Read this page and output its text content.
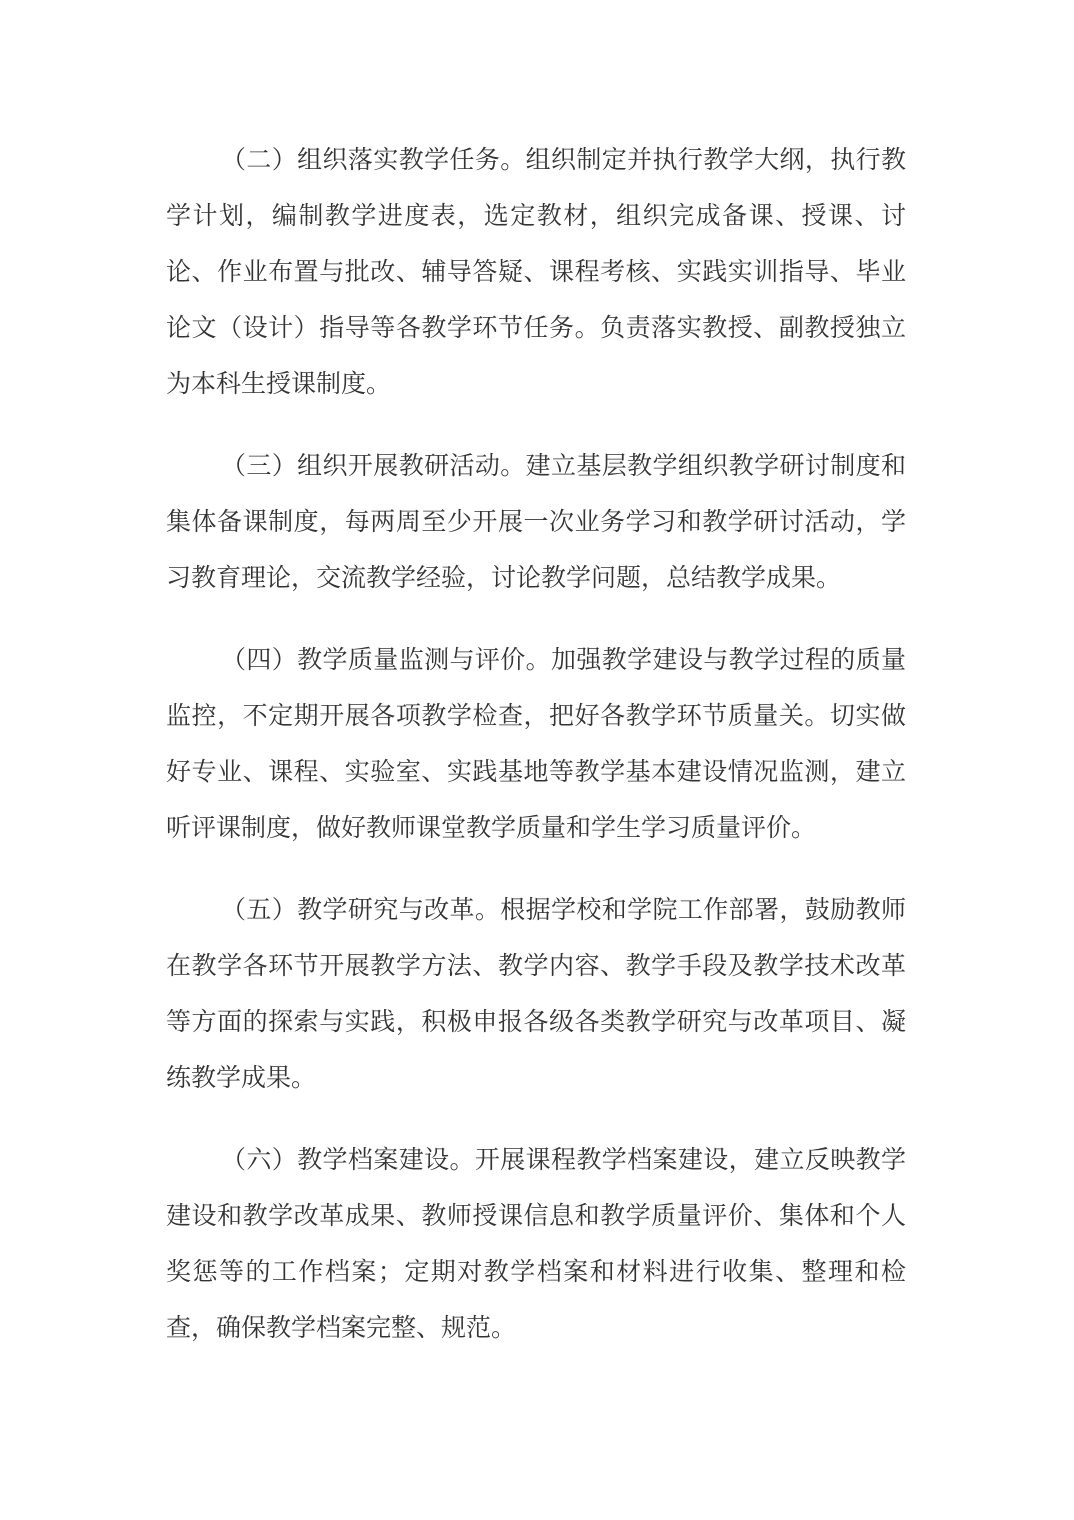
（二）组织落实教学任务。组织制定并执行教学大纲，执行教学计划，编制教学进度表，选定教材，组织完成备课、授课、讨论、作业布置与批改、辅导答疑、课程考核、实践实训指导、毕业论文（设计）指导等各教学环节任务。负责落实教授、副教授独立为本科生授课制度。

（三）组织开展教研活动。建立基层教学组织教学研讨制度和集体备课制度，每两周至少开展一次业务学习和教学研讨活动，学习教育理论，交流教学经验，讨论教学问题，总结教学成果。

（四）教学质量监测与评价。加强教学建设与教学过程的质量监控，不定期开展各项教学检查，把好各教学环节质量关。切实做好专业、课程、实验室、实践基地等教学基本建设情况监测，建立听评课制度，做好教师课堂教学质量和学生学习质量评价。

（五）教学研究与改革。根据学校和学院工作部署，鼓励教师在教学各环节开展教学方法、教学内容、教学手段及教学技术改革等方面的探索与实践，积极申报各级各类教学研究与改革项目、凝练教学成果。

（六）教学档案建设。开展课程教学档案建设，建立反映教学建设和教学改革成果、教师授课信息和教学质量评价、集体和个人奖惩等的工作档案；定期对教学档案和材料进行收集、整理和检查，确保教学档案完整、规范。
